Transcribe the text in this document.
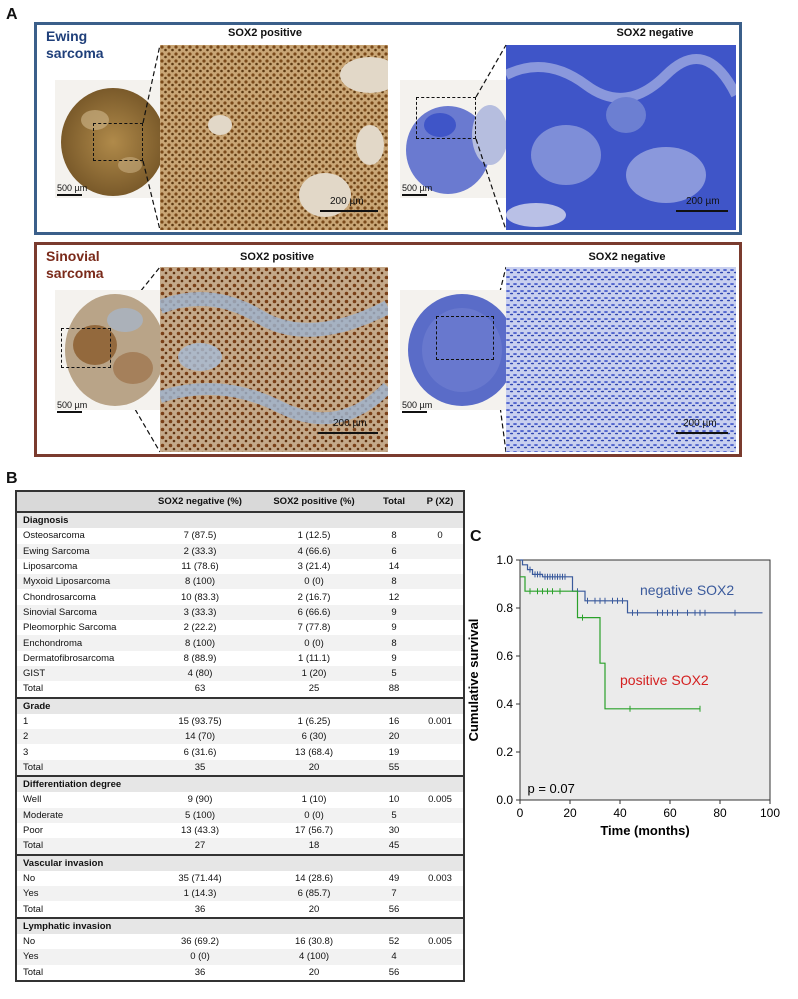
A
Ewing
sarcoma
SOX2 positive	SOX2 negative
500 µm
200 µm
500 µm
200 µm
Sinovial
sarcoma
SOX2 positive	SOX2 negative
500 µm
200 µm
500 µm
200 µm
B
	SOX2 negative (%)	SOX2 positive (%)	Total	P (X2)
Diagnosis				
Osteosarcoma	7 (87.5)	1 (12.5)	8	0
Ewing Sarcoma	2 (33.3)	4 (66.6)	6	
Liposarcoma	11 (78.6)	3 (21.4)	14	
Myxoid Liposarcoma	8 (100)	0 (0)	8	
Chondrosarcoma	10 (83.3)	2 (16.7)	12	
Sinovial Sarcoma	3 (33.3)	6 (66.6)	9	
Pleomorphic Sarcoma	2 (22.2)	7 (77.8)	9	
Enchondroma	8 (100)	0 (0)	8	
Dermatofibrosarcoma	8 (88.9)	1 (11.1)	9	
GIST	4 (80)	1 (20)	5	
Total	63	25	88	
Grade				
1	15 (93.75)	1 (6.25)	16	0.001
2	14 (70)	6 (30)	20	
3	6 (31.6)	13 (68.4)	19	
Total	35	20	55	
Differentiation degree				
Well	9 (90)	1 (10)	10	0.005
Moderate	5 (100)	0 (0)	5	
Poor	13 (43.3)	17 (56.7)	30	
Total	27	18	45	
Vascular invasion				
No	35 (71.44)	14 (28.6)	49	0.003
Yes	1 (14.3)	6 (85.7)	7	
Total	36	20	56	
Lymphatic invasion				
No	36 (69.2)	16 (30.8)	52	0.005
Yes	0 (0)	4 (100)	4	
Total	36	20	56	
C
0.0
0.2
0.4
0.6
0.8
1.0
0	20	40	60	80	100
Time (months)
Cumulative survival
negative SOX2
positive SOX2
p = 0.07
